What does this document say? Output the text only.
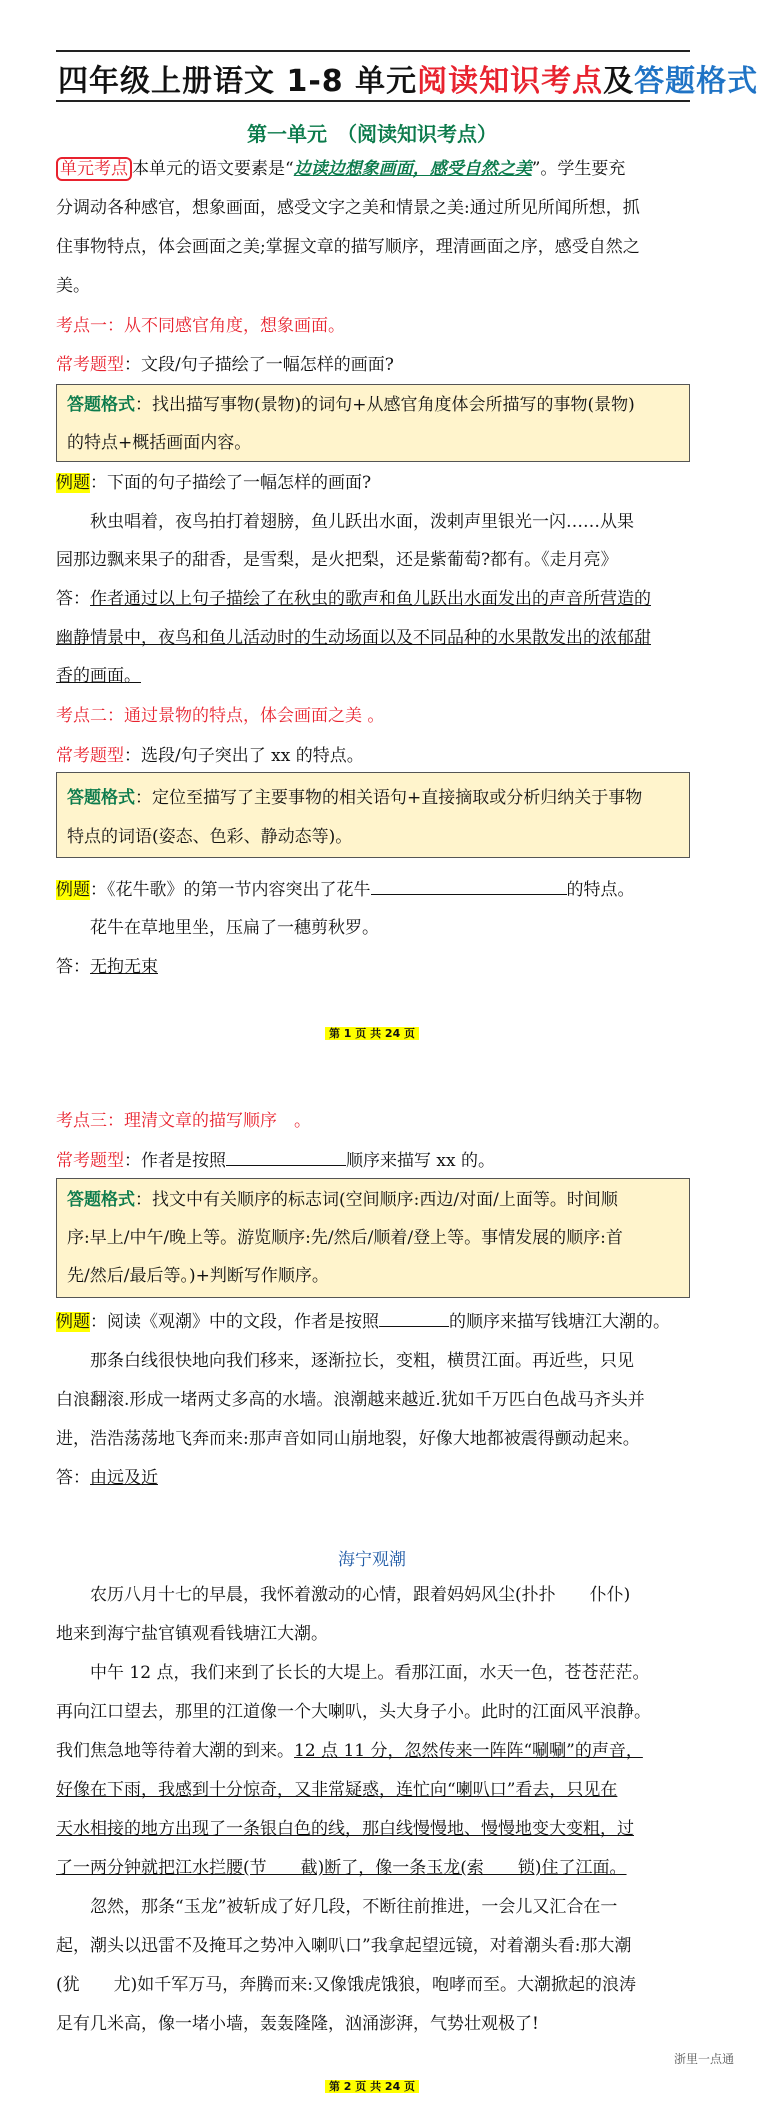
四年级上册语文 1-8 单元阅读知识考点及答题格式
第一单元　（阅读知识考点）
单元考点 本单元的语文要素是“边读边想象画面，感受自然之美”。学生要充
分调动各种感官，想象画面，感受文字之美和情景之美:通过所见所闻所想，抓
住事物特点，体会画面之美;掌握文章的描写顺序，理清画面之序，感受自然之
美。
考点一：从不同感官角度，想象画面。
常考题型：文段/句子描绘了一幅怎样的画面?
答题格式：找出描写事物(景物)的词句+从感官角度体会所描写的事物(景物)
的特点+概括画面内容。
例题：下面的句子描绘了一幅怎样的画面?
秋虫唱着，夜鸟拍打着翅膀，鱼儿跃出水面，泼剌声里银光一闪……从果
园那边飘来果子的甜香，是雪梨，是火把梨，还是紫葡萄?都有。《走月亮》
答：作者通过以上句子描绘了在秋虫的歌声和鱼儿跃出水面发出的声音所营造的
幽静情景中，夜鸟和鱼儿活动时的生动场面以及不同品种的水果散发出的浓郁甜
香的画面。
考点二：通过景物的特点，体会画面之美 。
常考题型：选段/句子突出了 xx 的特点。
答题格式：定位至描写了主要事物的相关语句+直接摘取或分析归纳关于事物
特点的词语(姿态、色彩、静动态等)。
例题：《花牛歌》的第一节内容突出了花牛	的特点。
花牛在草地里坐，压扁了一穗剪秋罗。
答：无拘无束
第 1 页 共 24 页
考点三：理清文章的描写顺序　。
常考题型：作者是按照	顺序来描写 xx 的。
答题格式：找文中有关顺序的标志词(空间顺序:西边/对面/上面等。时间顺
序:早上/中午/晚上等。游览顺序:先/然后/顺着/登上等。事情发展的顺序:首
先/然后/最后等。)+判断写作顺序。
例题：阅读《观潮》中的文段，作者是按照	的顺序来描写钱塘江大潮的。
那条白线很快地向我们移来，逐渐拉长，变粗，横贯江面。再近些，只见
白浪翻滚.形成一堵两丈多高的水墙。浪潮越来越近.犹如千万匹白色战马齐头并
进，浩浩荡荡地飞奔而来:那声音如同山崩地裂，好像大地都被震得颤动起来。
答：由远及近
海宁观潮
农历八月十七的早晨，我怀着激动的心情，跟着妈妈风尘(扑扑　　仆仆)
地来到海宁盐官镇观看钱塘江大潮。
中午 12 点，我们来到了长长的大堤上。看那江面，水天一色，苍苍茫茫。
再向江口望去，那里的江道像一个大喇叭，头大身子小。此时的江面风平浪静。
我们焦急地等待着大潮的到来。12 点 11 分，忽然传来一阵阵“唰唰”的声音，
好像在下雨，我感到十分惊奇，又非常疑惑，连忙向“喇叭口”看去，只见在
天水相接的地方出现了一条银白色的线，那白线慢慢地、慢慢地变大变粗，过
了一两分钟就把江水拦腰(节　　截)断了，像一条玉龙(索　　锁)住了江面。
忽然，那条“玉龙”被斩成了好几段，不断往前推进，一会儿又汇合在一
起，潮头以迅雷不及掩耳之势冲入喇叭口”我拿起望远镜，对着潮头看:那大潮
(犹　　尤)如千军万马，奔腾而来:又像饿虎饿狼，咆哮而至。大潮掀起的浪涛
足有几米高，像一堵小墙，轰轰隆隆，汹涌澎湃，气势壮观极了!
浙里一点通
第 2 页 共 24 页
